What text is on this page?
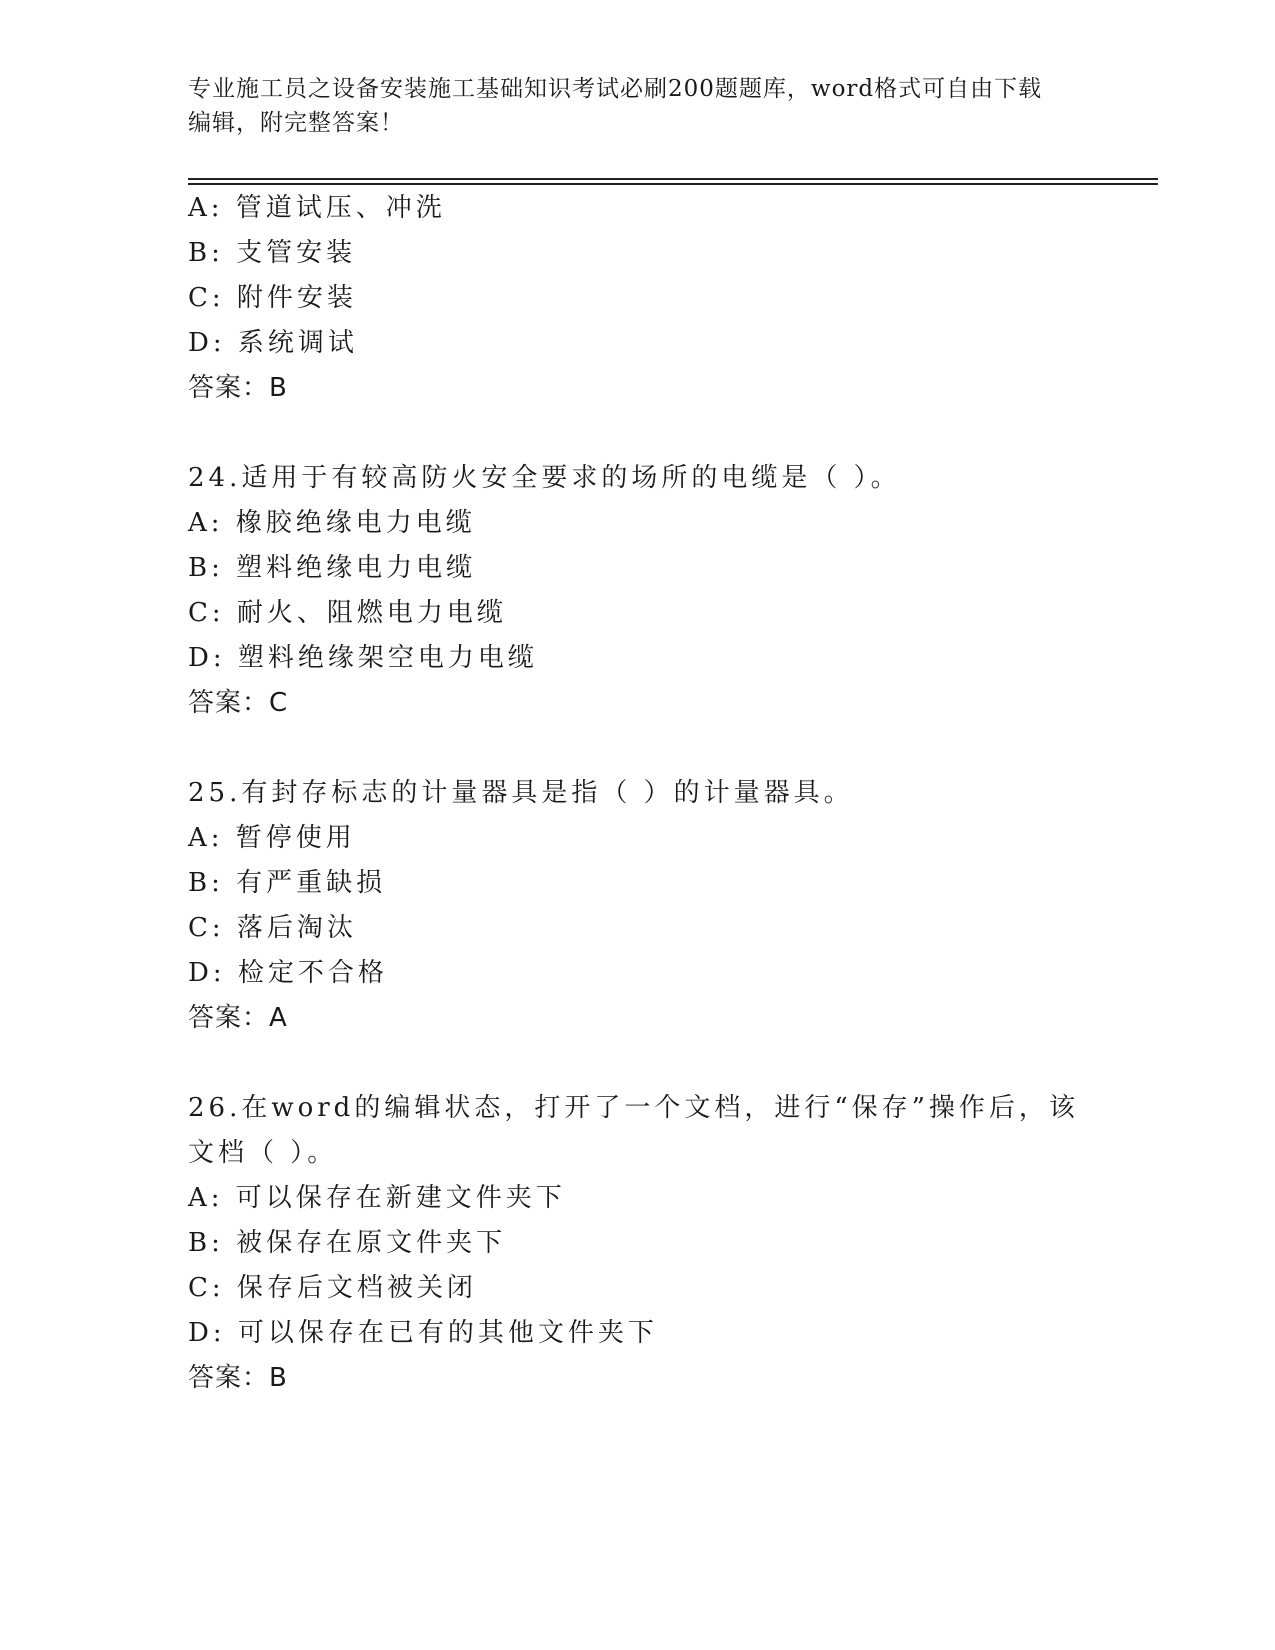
专业施工员之设备安装施工基础知识考试必刷200题题库，word格式可自由下载
编辑，附完整答案！
A: 管道试压、冲洗
B: 支管安装
C: 附件安装
D: 系统调试
答案：B
24.适用于有较高防火安全要求的场所的电缆是（ ）。
A: 橡胶绝缘电力电缆
B: 塑料绝缘电力电缆
C: 耐火、阻燃电力电缆
D: 塑料绝缘架空电力电缆
答案：C
25.有封存标志的计量器具是指（ ）的计量器具。
A: 暂停使用
B: 有严重缺损
C: 落后淘汰
D: 检定不合格
答案：A
26.在word的编辑状态，打开了一个文档，进行“保存”操作后，该
文档（ ）。
A: 可以保存在新建文件夹下
B: 被保存在原文件夹下
C: 保存后文档被关闭
D: 可以保存在已有的其他文件夹下
答案：B
